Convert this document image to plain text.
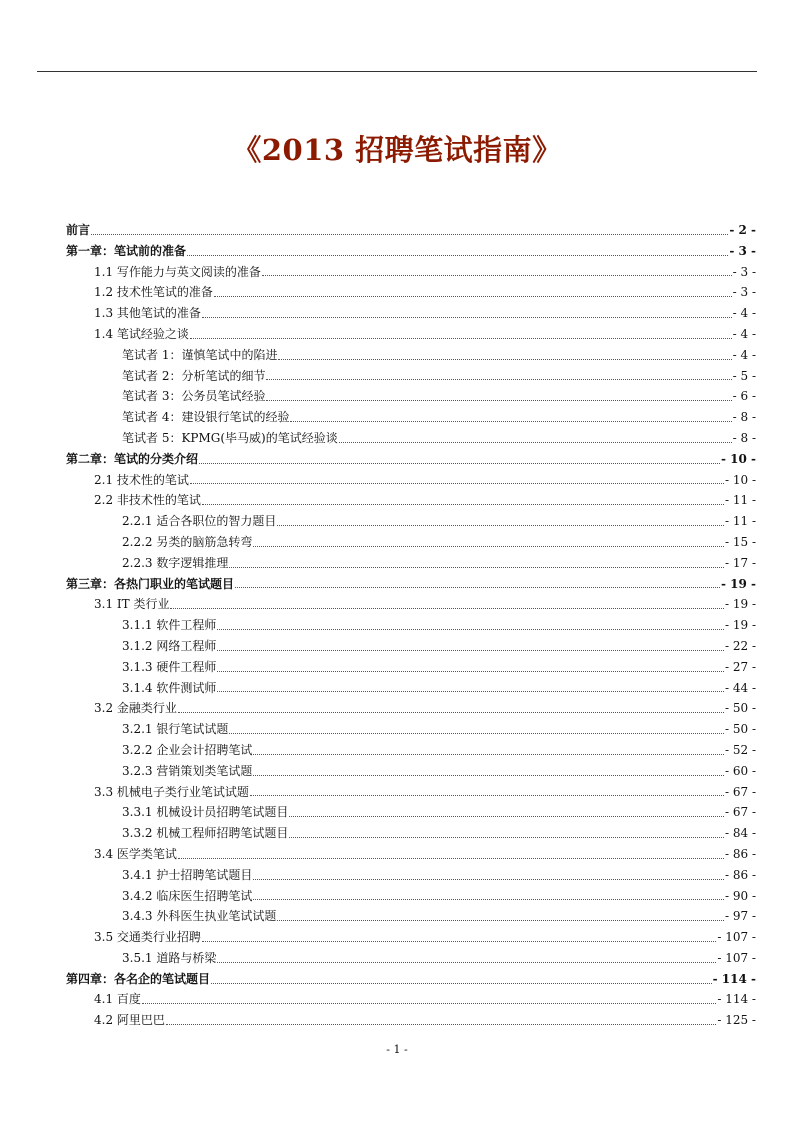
《2013 招聘笔试指南》
前言	- 2 -
第一章：笔试前的准备	- 3 -
1.1 写作能力与英文阅读的准备	- 3 -
1.2 技术性笔试的准备	- 3 -
1.3 其他笔试的准备	- 4 -
1.4 笔试经验之谈	- 4 -
笔试者 1：谨慎笔试中的陷进	- 4 -
笔试者 2：分析笔试的细节	- 5 -
笔试者 3：公务员笔试经验	- 6 -
笔试者 4：建设银行笔试的经验	- 8 -
笔试者 5：KPMG(毕马威)的笔试经验谈	- 8 -
第二章：笔试的分类介绍	- 10 -
2.1 技术性的笔试	- 10 -
2.2 非技术性的笔试	- 11 -
2.2.1 适合各职位的智力题目	- 11 -
2.2.2 另类的脑筋急转弯	- 15 -
2.2.3 数字逻辑推理	- 17 -
第三章：各热门职业的笔试题目	- 19 -
3.1 IT 类行业	- 19 -
3.1.1 软件工程师	- 19 -
3.1.2 网络工程师	- 22 -
3.1.3 硬件工程师	- 27 -
3.1.4 软件测试师	- 44 -
3.2 金融类行业	- 50 -
3.2.1 银行笔试试题	- 50 -
3.2.2 企业会计招聘笔试	- 52 -
3.2.3 营销策划类笔试题	- 60 -
3.3 机械电子类行业笔试试题	- 67 -
3.3.1 机械设计员招聘笔试题目	- 67 -
3.3.2 机械工程师招聘笔试题目	- 84 -
3.4 医学类笔试	- 86 -
3.4.1 护士招聘笔试题目	- 86 -
3.4.2 临床医生招聘笔试	- 90 -
3.4.3 外科医生执业笔试试题	- 97 -
3.5 交通类行业招聘	- 107 -
3.5.1 道路与桥梁	- 107 -
第四章：各名企的笔试题目	- 114 -
4.1 百度	- 114 -
4.2 阿里巴巴	- 125 -
- 1 -
